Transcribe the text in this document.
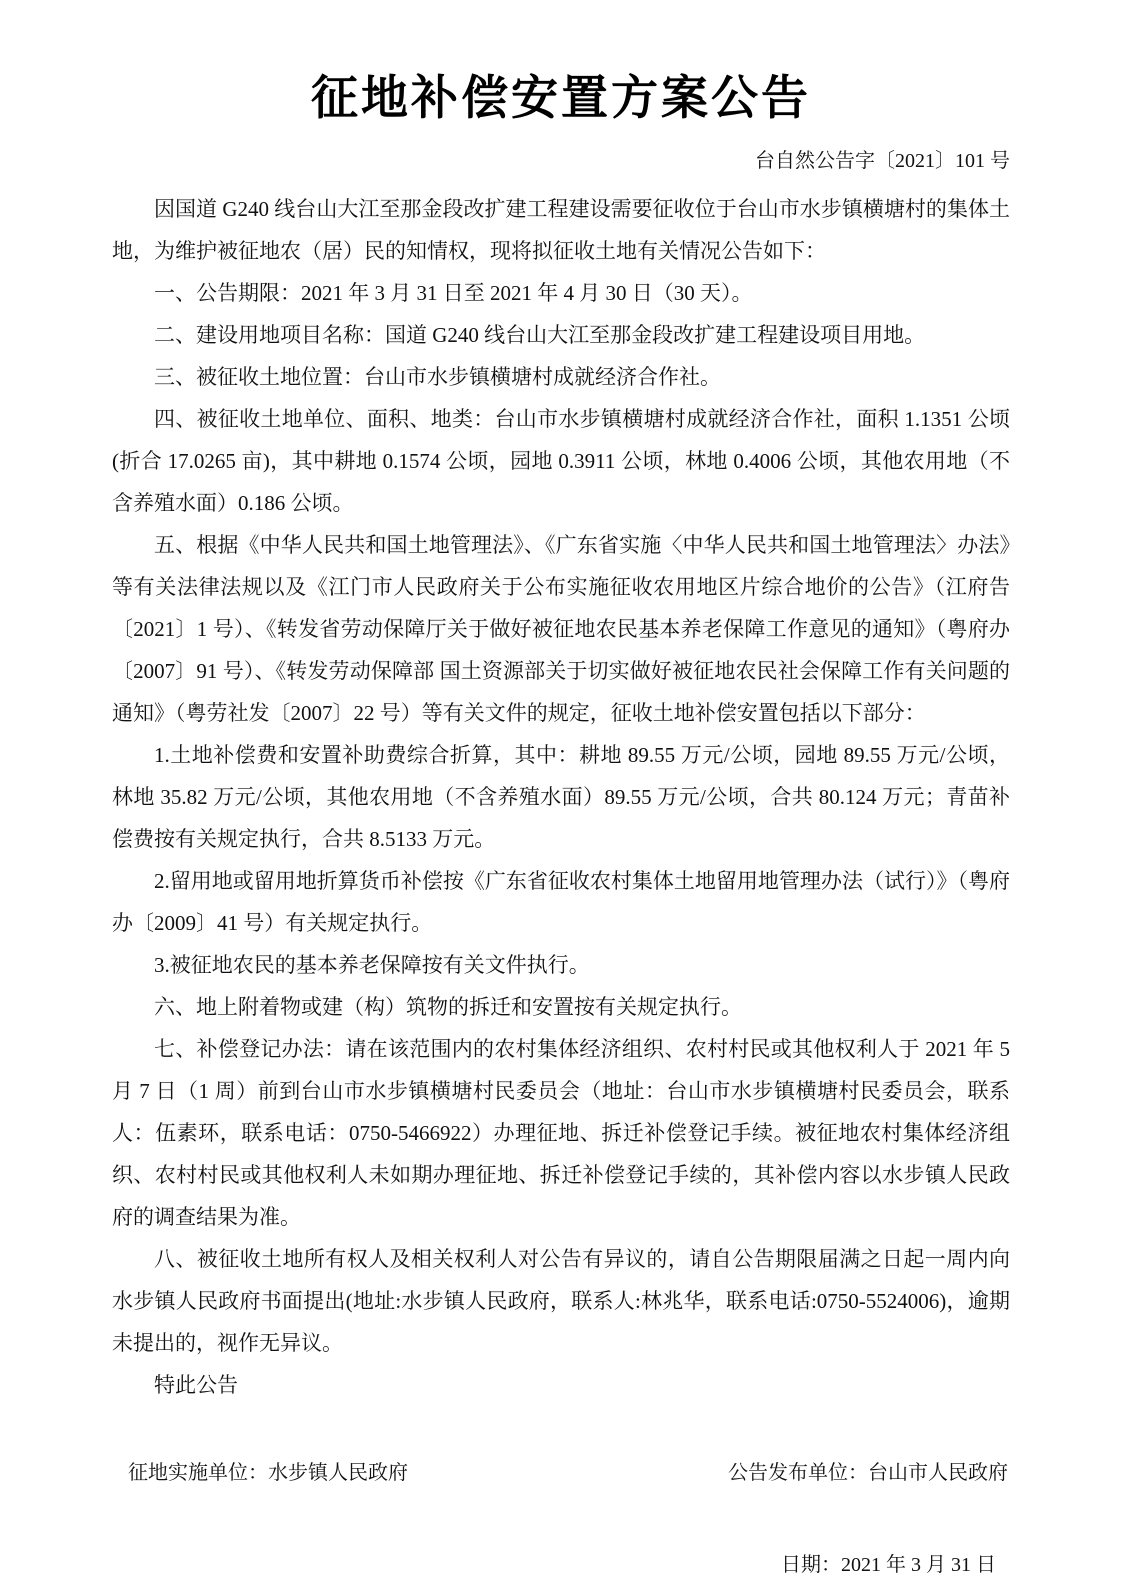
征地补偿安置方案公告
台自然公告字〔2021〕101 号

因国道 G240 线台山大江至那金段改扩建工程建设需要征收位于台山市水步镇横塘村的集体土地，为维护被征地农（居）民的知情权，现将拟征收土地有关情况公告如下：

一、公告期限：2021 年 3 月 31 日至 2021 年 4 月 30 日（30 天）。

二、建设用地项目名称：国道 G240 线台山大江至那金段改扩建工程建设项目用地。

三、被征收土地位置：台山市水步镇横塘村成就经济合作社。

四、被征收土地单位、面积、地类：台山市水步镇横塘村成就经济合作社，面积 1.1351 公顷(折合 17.0265 亩)，其中耕地 0.1574 公顷，园地 0.3911 公顷，林地 0.4006 公顷，其他农用地（不含养殖水面）0.186 公顷。

五、根据《中华人民共和国土地管理法》、《广东省实施〈中华人民共和国土地管理法〉办法》等有关法律法规以及《江门市人民政府关于公布实施征收农用地区片综合地价的公告》（江府告〔2021〕1 号）、《转发省劳动保障厅关于做好被征地农民基本养老保障工作意见的通知》（粤府办〔2007〕91 号）、《转发劳动保障部 国土资源部关于切实做好被征地农民社会保障工作有关问题的通知》（粤劳社发〔2007〕22 号）等有关文件的规定，征收土地补偿安置包括以下部分：

1.土地补偿费和安置补助费综合折算，其中：耕地 89.55 万元/公顷，园地 89.55 万元/公顷，林地 35.82 万元/公顷，其他农用地（不含养殖水面）89.55 万元/公顷，合共 80.124 万元；青苗补偿费按有关规定执行，合共 8.5133 万元。

2.留用地或留用地折算货币补偿按《广东省征收农村集体土地留用地管理办法（试行）》（粤府办〔2009〕41 号）有关规定执行。

3.被征地农民的基本养老保障按有关文件执行。

六、地上附着物或建（构）筑物的拆迁和安置按有关规定执行。

七、补偿登记办法：请在该范围内的农村集体经济组织、农村村民或其他权利人于 2021 年 5 月 7 日（1 周）前到台山市水步镇横塘村民委员会（地址：台山市水步镇横塘村民委员会，联系人：伍素环，联系电话：0750-5466922）办理征地、拆迁补偿登记手续。被征地农村集体经济组织、农村村民或其他权利人未如期办理征地、拆迁补偿登记手续的，其补偿内容以水步镇人民政府的调查结果为准。

八、被征收土地所有权人及相关权利人对公告有异议的，请自公告期限届满之日起一周内向水步镇人民政府书面提出(地址:水步镇人民政府，联系人:林兆华，联系电话:0750-5524006)，逾期未提出的，视作无异议。

特此公告

征地实施单位：水步镇人民政府	公告发布单位：台山市人民政府
日期：2021 年 3 月 31 日
